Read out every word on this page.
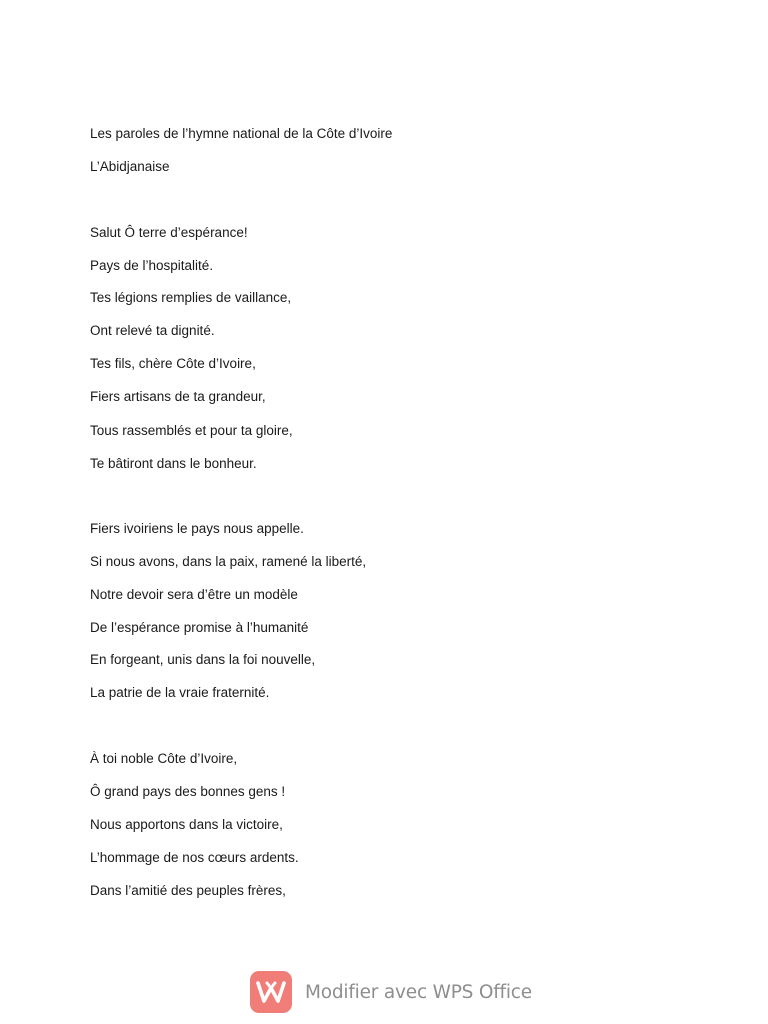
Les paroles de l’hymne national de la Côte d’Ivoire
L’Abidjanaise
Salut Ô terre d’espérance!
Pays de l’hospitalité.
Tes légions remplies de vaillance,
Ont relevé ta dignité.
Tes fils, chère Côte d’Ivoire,
Fiers artisans de ta grandeur,
Tous rassemblés et pour ta gloire,
Te bâtiront dans le bonheur.
Fiers ivoiriens le pays nous appelle.
Si nous avons, dans la paix, ramené la liberté,
Notre devoir sera d’être un modèle
De l’espérance promise à l’humanité
En forgeant, unis dans la foi nouvelle,
La patrie de la vraie fraternité.
À toi noble Côte d’Ivoire,
Ô grand pays des bonnes gens !
Nous apportons dans la victoire,
L’hommage de nos cœurs ardents.
Dans l’amitié des peuples frères,
Modifier avec WPS Office
